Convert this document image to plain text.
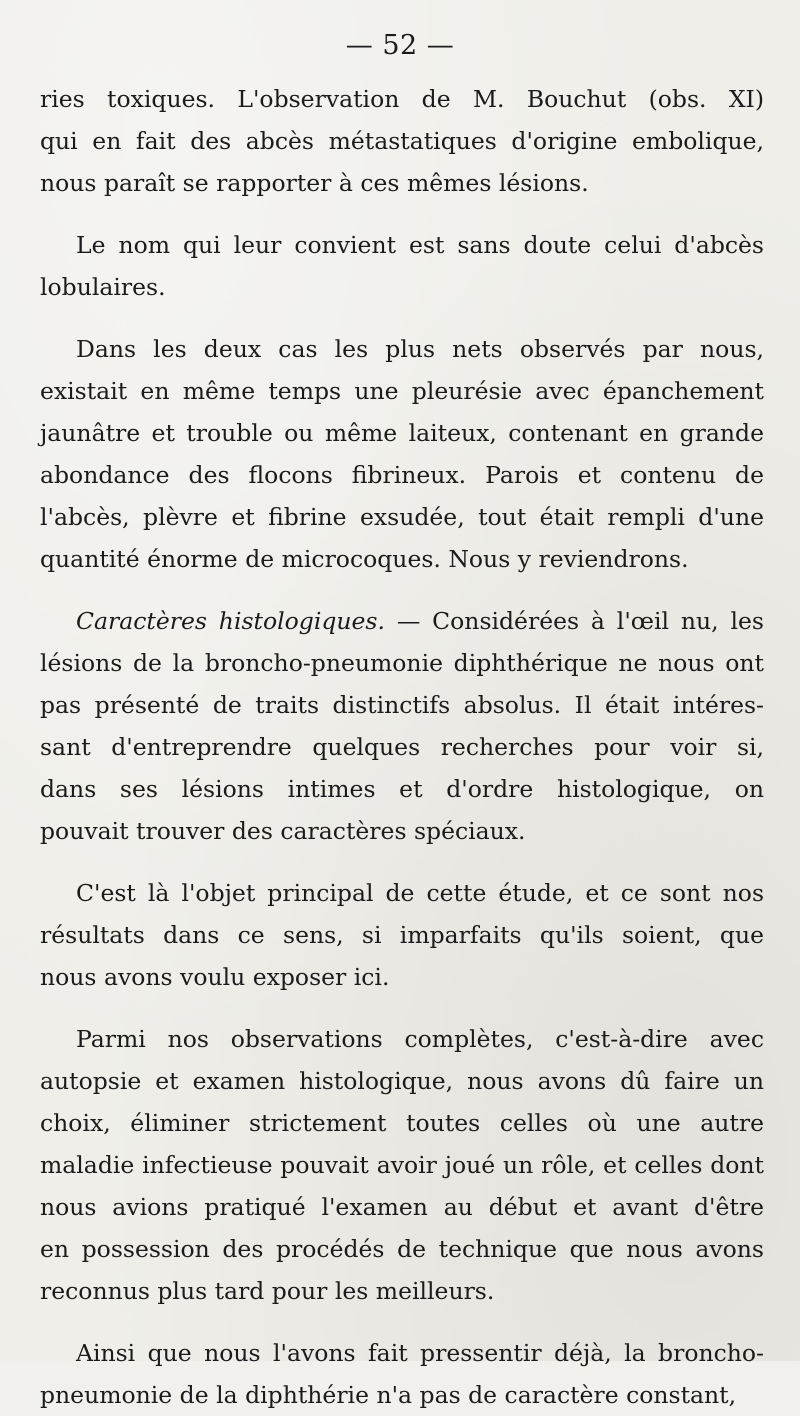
— 52 —
ries toxiques. L'observation de M. Bouchut (obs. XI)
qui en fait des abcès métastatiques d'origine embolique,
nous paraît se rapporter à ces mêmes lésions.
Le nom qui leur convient est sans doute celui d'abcès
lobulaires.
Dans les deux cas les plus nets observés par nous,
existait en même temps une pleurésie avec épanchement
jaunâtre et trouble ou même laiteux, contenant en grande
abondance des flocons fibrineux. Parois et contenu de
l'abcès, plèvre et fibrine exsudée, tout était rempli d'une
quantité énorme de microcoques. Nous y reviendrons.
Caractères histologiques. — Considérées à l'œil nu, les
lésions de la broncho-pneumonie diphthérique ne nous ont
pas présenté de traits distinctifs absolus. Il était intéres-
sant d'entreprendre quelques recherches pour voir si,
dans ses lésions intimes et d'ordre histologique, on
pouvait trouver des caractères spéciaux.
C'est là l'objet principal de cette étude, et ce sont nos
résultats dans ce sens, si imparfaits qu'ils soient, que
nous avons voulu exposer ici.
Parmi nos observations complètes, c'est-à-dire avec
autopsie et examen histologique, nous avons dû faire un
choix, éliminer strictement toutes celles où une autre
maladie infectieuse pouvait avoir joué un rôle, et celles dont
nous avions pratiqué l'examen au début et avant d'être
en possession des procédés de technique que nous avons
reconnus plus tard pour les meilleurs.
Ainsi que nous l'avons fait pressentir déjà, la broncho-
pneumonie de la diphthérie n'a pas de caractère constant,
